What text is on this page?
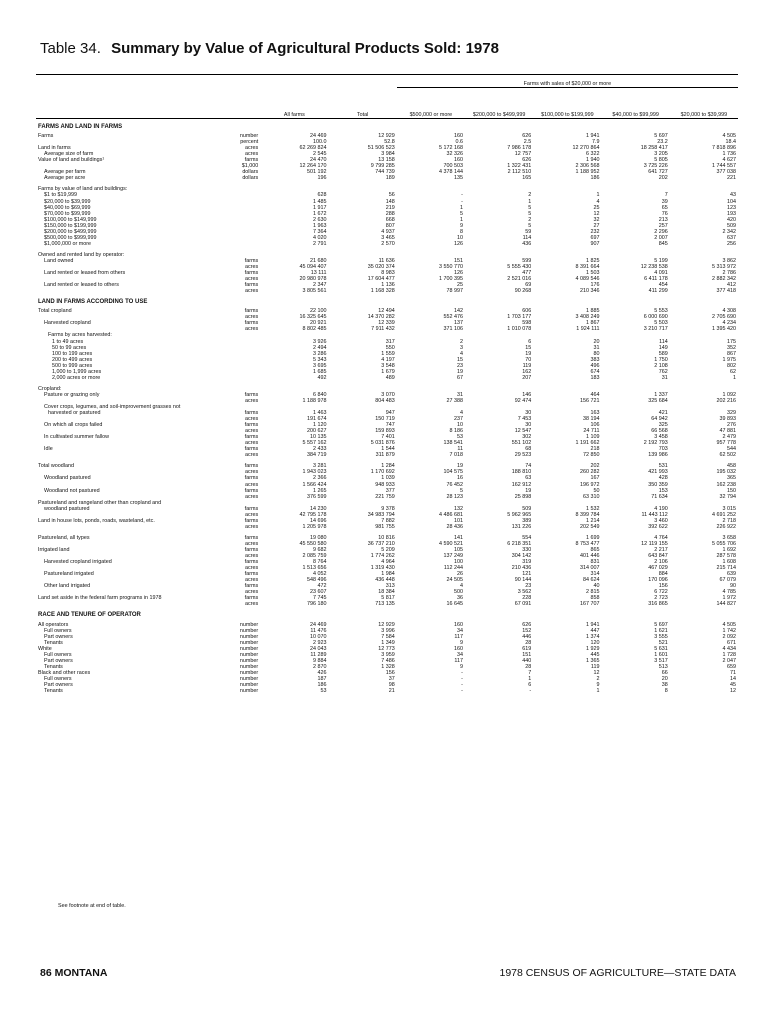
Table 34. Summary by Value of Agricultural Products Sold: 1978
			Farms with sales of $20,000 or more				
	All farms	Total	$500,000 or more	$200,000 to $499,999	$100,000 to $199,999	$40,000 to $99,999	$20,000 to $39,999
FARMS AND LAND IN FARMS							

number
Farms	24 469	12 929	160	626	1 941	5 697	4 505

percent	100.0	52.8	0.6	2.5	7.9	23.2	18.4

acres
Land in farms	62 269 824	51 506 523	5 172 168	7 986 178	12 270 864	18 258 417	7 818 896

acres
Average size of farm	2 545	3 984	32 326	12 757	6 322	3 205	1 736

farms
Value of land and buildings¹	24 470	13 158	160	626	1 940	5 805	4 627

$1,000	12 264 170	9 799 285	700 503	1 322 431	2 306 568	3 725 226	1 744 557

dollars
Average per farm	501 192	744 739	4 378 144	2 112 510	1 188 952	641 727	377 038

dollars
Average per acre	196	189	135	165	186	202	221

Farms by value of land and buildings:							

$1 to $19,999	628	56	-	2	1	7	43

$20,000 to $39,999	1 485	148	-	1	4	39	104

$40,000 to $69,999	1 917	219	1	5	25	65	123

$70,000 to $99,999	1 672	288	5	5	12	76	193

$100,000 to $149,999	2 630	668	1	2	32	213	420

$150,000 to $199,999	1 963	807	9	5	27	257	509

$200,000 to $499,999	7 364	4 937	8	59	232	2 296	2 342

$500,000 to $999,999	4 020	3 465	10	114	697	2 007	637

$1,000,000 or more	2 791	2 570	126	436	907	845	256

Owned and rented land by operator:							

farms
Land owned	21 680	11 636	151	599	1 825	5 199	3 862

acres	45 094 407	35 020 374	3 550 770	5 555 430	8 391 664	12 238 538	5 313 972

farms
Land rented or leased from others	13 111	8 983	126	477	1 503	4 091	2 786

acres	20 980 978	17 604 477	1 700 395	2 521 016	4 089 546	6 411 178	2 882 342

farms
Land rented or leased to others	2 347	1 136	25	69	176	454	412

acres	3 805 561	1 168 328	78 997	90 268	210 346	411 299	377 418
LAND IN FARMS ACCORDING TO USE							

farms
Total cropland	22 100	12 494	142	606	1 885	5 553	4 308

acres	16 325 645	14 370 282	552 476	1 703 177	3 408 249	6 000 690	2 705 690

farms
Harvested cropland	20 921	12 339	137	598	1 867	5 503	4 234

acres	8 802 485	7 911 432	371 106	1 010 078	1 924 111	3 210 717	1 395 420

Farms by acres harvested:							

1 to 49 acres	3 926	317	2	6	20	114	175

50 to 99 acres	2 494	550	3	15	31	149	352

100 to 199 acres	3 286	1 559	4	19	80	589	867

200 to 499 acres	5 343	4 197	15	70	383	1 750	1 975

500 to 999 acres	3 695	3 548	23	119	496	2 108	802

1,000 to 1,999 acres	1 685	1 679	19	162	674	762	62

2,000 acres or more	492	489	67	207	183	31	1

Cropland:							

farms
Pasture or grazing only	6 840	3 070	31	146	464	1 337	1 092

acres	1 188 978	804 483	27 388	92 474	156 721	325 684	202 216

Cover crops, legumes, and soil-improvement grasses not							

farms
harvested or pastured	1 463	947	4	30	163	421	329

acres	191 674	150 719	237	7 453	38 194	64 942	39 893

farms
On which all crops failed	1 120	747	10	30	106	325	276

acres	200 627	159 893	8 186	12 547	24 711	66 568	47 881

farms
In cultivated summer fallow	10 135	7 401	53	302	1 109	3 458	2 479

acres	5 557 162	5 031 876	138 541	551 102	1 191 662	2 192 793	957 778

farms
Idle	2 433	1 544	11	68	218	703	544

acres	384 719	311 879	7 018	29 523	72 850	139 986	62 502

farms
Total woodland	3 281	1 284	19	74	202	531	458

acres	1 943 023	1 170 692	104 575	188 810	260 282	421 993	195 032

farms
Woodland pastured	2 366	1 039	16	63	167	428	365

acres	1 566 424	948 933	76 452	162 912	196 972	350 359	162 238

farms
Woodland not pastured	1 265	377	5	19	50	153	150

acres	376 599	221 759	28 123	25 898	63 310	71 634	32 794

Pastureland and rangeland other than cropland and							

farms
woodland pastured	14 230	9 378	132	509	1 532	4 190	3 015

acres	42 795 178	34 983 794	4 486 681	5 962 965	8 399 784	11 443 112	4 691 252

farms
Land in house lots, ponds, roads, wasteland, etc.	14 696	7 882	101	389	1 214	3 460	2 718

acres	1 205 978	981 755	28 436	131 226	202 549	392 622	226 922

farms
Pastureland, all types	19 080	10 816	141	554	1 699	4 764	3 658

acres	45 550 580	36 737 210	4 590 521	6 218 351	8 753 477	12 119 155	5 055 706

farms
Irrigated land	9 682	5 209	105	330	865	2 217	1 692

acres	2 085 759	1 774 262	137 249	304 142	401 446	643 847	287 578

farms
Harvested cropland irrigated	8 764	4 964	100	319	831	2 106	1 608

acres	1 513 656	1 319 430	112 244	210 436	314 007	467 029	215 714

farms
Pastureland irrigated	4 052	1 984	26	121	314	884	639

acres	548 496	436 448	24 505	90 144	84 624	170 096	67 079

farms
Other land irrigated	472	313	4	23	40	156	90

acres	23 607	18 384	500	3 562	2 815	6 722	4 785

farms
Land set aside in the federal farm programs in 1978	7 745	5 817	36	228	858	2 723	1 972

acres	796 180	713 135	16 645	67 091	167 707	316 865	144 827
RACE AND TENURE OF OPERATOR							

number
All operators	24 469	12 929	160	626	1 941	5 697	4 505

number
Full owners	11 476	3 996	34	152	447	1 621	1 742

number
Part owners	10 070	7 584	117	446	1 374	3 555	2 092

number
Tenants	2 923	1 349	9	28	120	521	671

number
White	24 043	12 773	160	619	1 929	5 631	4 434

number
Full owners	11 289	3 959	34	151	445	1 601	1 728

number
Part owners	9 884	7 486	117	440	1 365	3 517	2 047

number
Tenants	2 870	1 328	9	28	119	513	659

number
Black and other races	426	156	-	7	12	66	71

number
Full owners	187	37	-	1	2	20	14

number
Part owners	186	98	-	6	9	38	45

number
Tenants	53	21	-	-	1	8	12
See footnote at end of table.
86 MONTANA	1978 CENSUS OF AGRICULTURE—STATE DATA
